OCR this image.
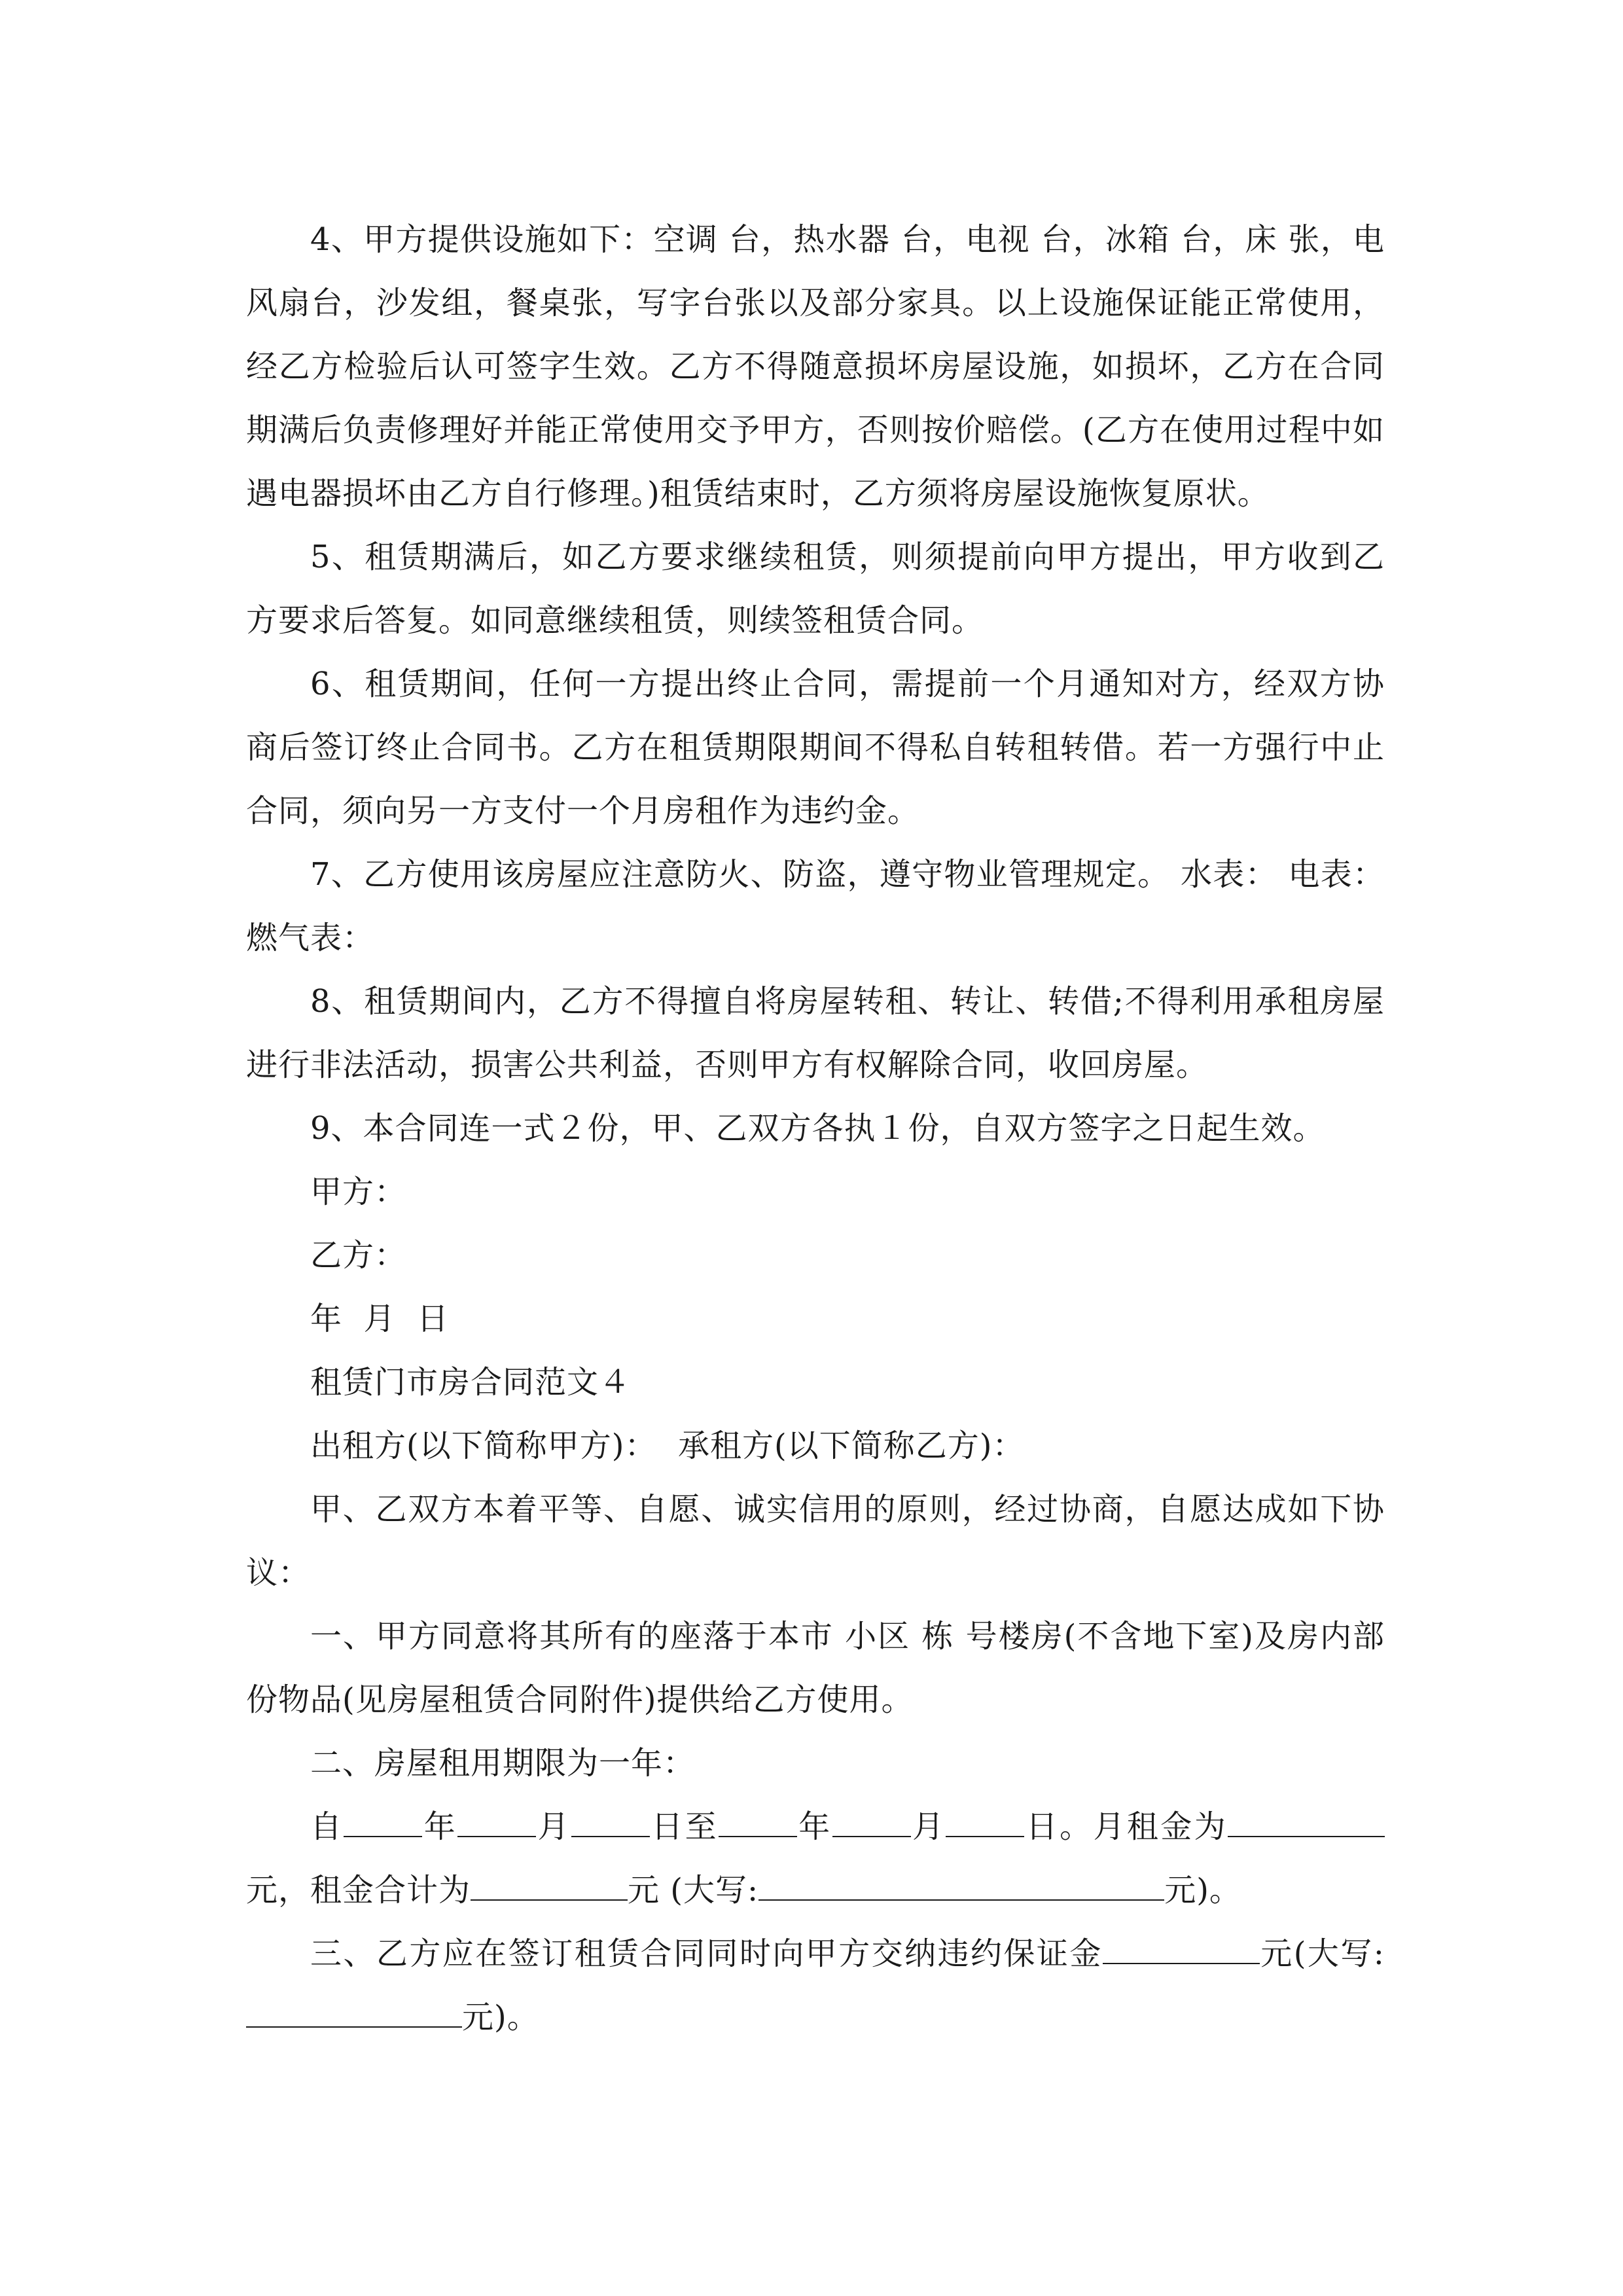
4、甲方提供设施如下：空调 台，热水器 台，电视 台，冰箱 台，床 张，电风扇台，沙发组，餐桌张，写字台张以及部分家具。以上设施保证能正常使用，经乙方检验后认可签字生效。乙方不得随意损坏房屋设施，如损坏，乙方在合同期满后负责修理好并能正常使用交予甲方，否则按价赔偿。(乙方在使用过程中如遇电器损坏由乙方自行修理。)租赁结束时，乙方须将房屋设施恢复原状。

5、租赁期满后，如乙方要求继续租赁，则须提前向甲方提出，甲方收到乙方要求后答复。如同意继续租赁，则续签租赁合同。

6、租赁期间，任何一方提出终止合同，需提前一个月通知对方，经双方协商后签订终止合同书。乙方在租赁期限期间不得私自转租转借。若一方强行中止合同，须向另一方支付一个月房租作为违约金。

7、乙方使用该房屋应注意防火、防盗，遵守物业管理规定。 水表： 电表：燃气表：

8、租赁期间内，乙方不得擅自将房屋转租、转让、转借;不得利用承租房屋进行非法活动，损害公共利益，否则甲方有权解除合同，收回房屋。

9、本合同连一式２份，甲、乙双方各执１份，自双方签字之日起生效。

甲方：

乙方：

年  月  日

租赁门市房合同范文４

出租方(以下简称甲方)：  承租方(以下简称乙方)：

甲、乙双方本着平等、自愿、诚实信用的原则，经过协商，自愿达成如下协议：

一、甲方同意将其所有的座落于本市 小区 栋 号楼房(不含地下室)及房内部份物品(见房屋租赁合同附件)提供给乙方使用。

二、房屋租用期限为一年：

自	年	月	日至	年	月	日。月租金为元，租金合计为	元 (大写:	元)。

三、乙方应在签订租赁合同同时向甲方交纳违约保证金	元(大写:元)。
